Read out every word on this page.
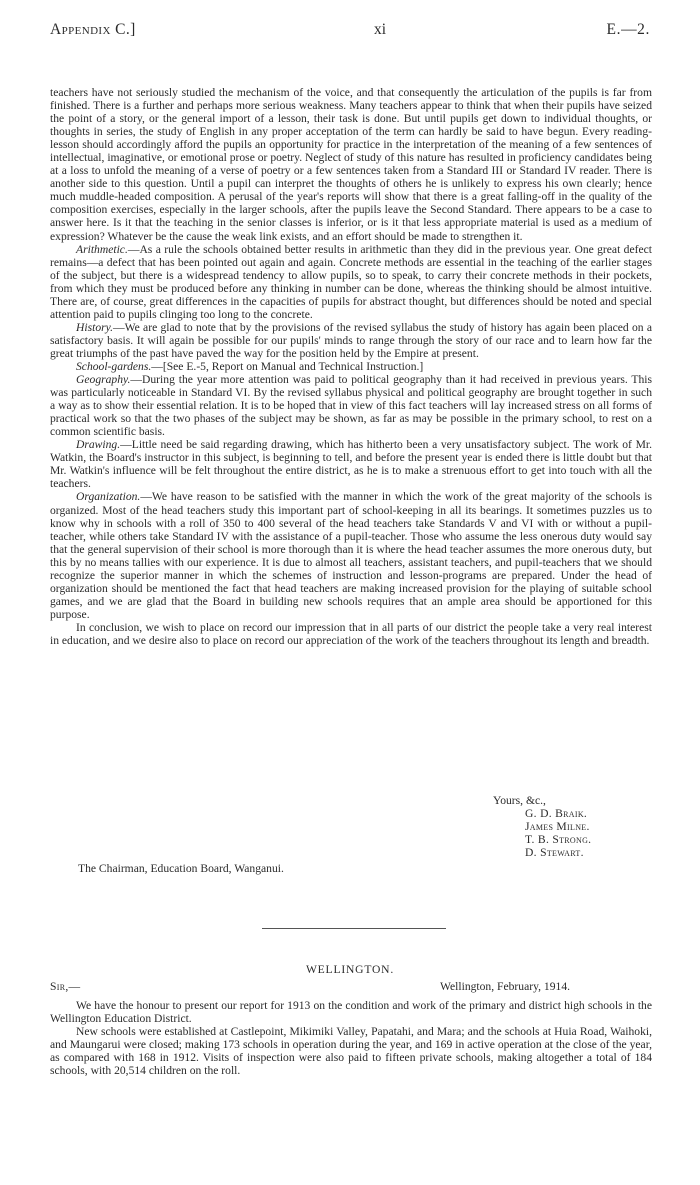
Appendix C.]	xi	E.—2.

teachers have not seriously studied the mechanism of the voice, and that consequently the articulation of the pupils is far from finished. There is a further and perhaps more serious weakness. Many teachers appear to think that when their pupils have seized the point of a story, or the general import of a lesson, their task is done. But until pupils get down to individual thoughts, or thoughts in series, the study of English in any proper acceptation of the term can hardly be said to have begun. Every reading-lesson should accordingly afford the pupils an opportunity for practice in the interpretation of the meaning of a few sentences of intellectual, imaginative, or emotional prose or poetry. Neglect of study of this nature has resulted in proficiency candidates being at a loss to unfold the meaning of a verse of poetry or a few sentences taken from a Standard III or Standard IV reader. There is another side to this question. Until a pupil can interpret the thoughts of others he is unlikely to express his own clearly; hence much muddle-headed composition. A perusal of the year's reports will show that there is a great falling-off in the quality of the composition exercises, especially in the larger schools, after the pupils leave the Second Standard. There appears to be a case to answer here. Is it that the teaching in the senior classes is inferior, or is it that less appropriate material is used as a medium of expression? Whatever be the cause the weak link exists, and an effort should be made to strengthen it.

Arithmetic.—As a rule the schools obtained better results in arithmetic than they did in the previous year. One great defect remains—a defect that has been pointed out again and again. Concrete methods are essential in the teaching of the earlier stages of the subject, but there is a widespread tendency to allow pupils, so to speak, to carry their concrete methods in their pockets, from which they must be produced before any thinking in number can be done, whereas the thinking should be almost intuitive. There are, of course, great differences in the capacities of pupils for abstract thought, but differences should be noted and special attention paid to pupils clinging too long to the concrete.

History.—We are glad to note that by the provisions of the revised syllabus the study of history has again been placed on a satisfactory basis. It will again be possible for our pupils' minds to range through the story of our race and to learn how far the great triumphs of the past have paved the way for the position held by the Empire at present.

School-gardens.—[See E.-5, Report on Manual and Technical Instruction.]

Geography.—During the year more attention was paid to political geography than it had received in previous years. This was particularly noticeable in Standard VI. By the revised syllabus physical and political geography are brought together in such a way as to show their essential relation. It is to be hoped that in view of this fact teachers will lay increased stress on all forms of practical work so that the two phases of the subject may be shown, as far as may be possible in the primary school, to rest on a common scientific basis.

Drawing.—Little need be said regarding drawing, which has hitherto been a very unsatisfactory subject. The work of Mr. Watkin, the Board's instructor in this subject, is beginning to tell, and before the present year is ended there is little doubt but that Mr. Watkin's influence will be felt throughout the entire district, as he is to make a strenuous effort to get into touch with all the teachers.

Organization.—We have reason to be satisfied with the manner in which the work of the great majority of the schools is organized. Most of the head teachers study this important part of school-keeping in all its bearings. It sometimes puzzles us to know why in schools with a roll of 350 to 400 several of the head teachers take Standards V and VI with or without a pupil-teacher, while others take Standard IV with the assistance of a pupil-teacher. Those who assume the less onerous duty would say that the general supervision of their school is more thorough than it is where the head teacher assumes the more onerous duty, but this by no means tallies with our experience. It is due to almost all teachers, assistant teachers, and pupil-teachers that we should recognize the superior manner in which the schemes of instruction and lesson-programs are prepared. Under the head of organization should be mentioned the fact that head teachers are making increased provision for the playing of suitable school games, and we are glad that the Board in building new schools requires that an ample area should be apportioned for this purpose.

In conclusion, we wish to place on record our impression that in all parts of our district the people take a very real interest in education, and we desire also to place on record our appreciation of the work of the teachers throughout its length and breadth.

Yours, &c.,
G. D. Braik.
James Milne.
T. B. Strong.
D. Stewart.
The Chairman, Education Board, Wanganui.
WELLINGTON.
Sir,—	Wellington, February, 1914.

We have the honour to present our report for 1913 on the condition and work of the primary and district high schools in the Wellington Education District.

New schools were established at Castlepoint, Mikimiki Valley, Papatahi, and Mara; and the schools at Huia Road, Waihoki, and Maungarui were closed; making 173 schools in operation during the year, and 169 in active operation at the close of the year, as compared with 168 in 1912. Visits of inspection were also paid to fifteen private schools, making altogether a total of 184 schools, with 20,514 children on the roll.
